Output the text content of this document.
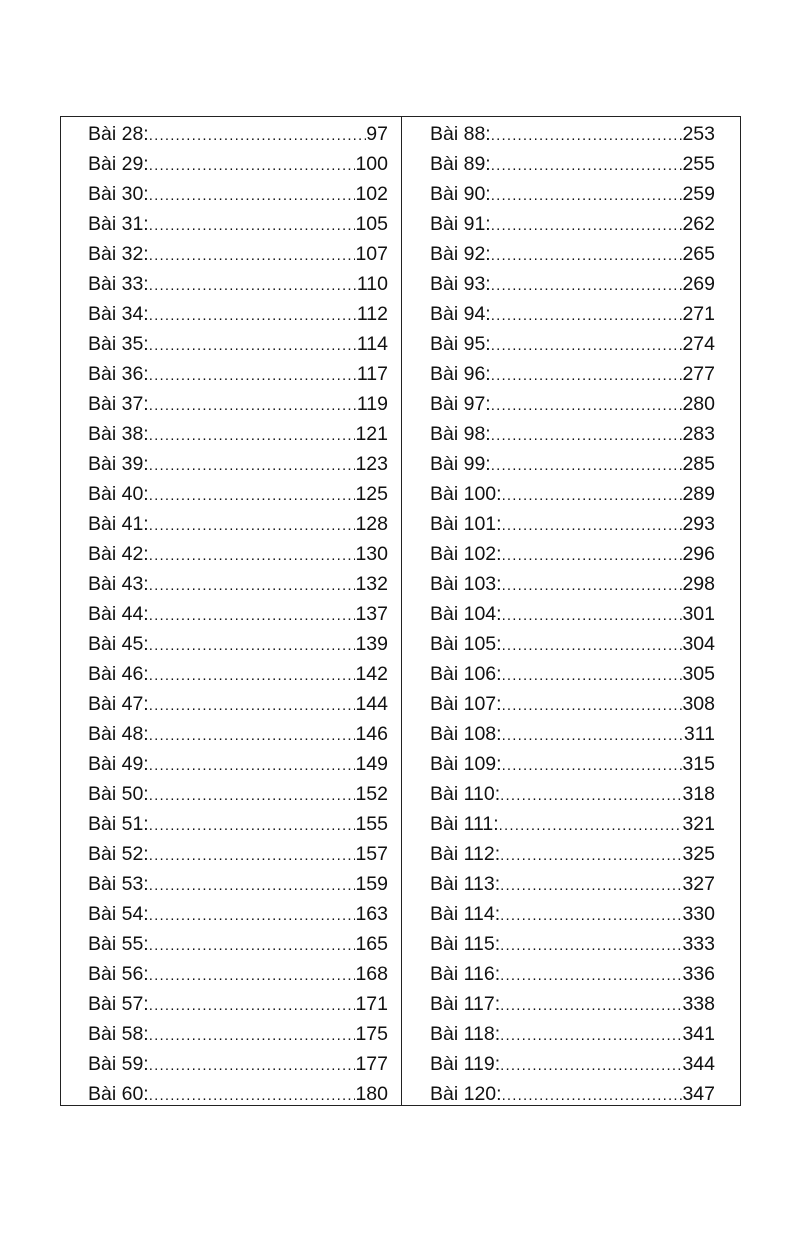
Bài 28: .....	97
Bài 29: .....	100
Bài 30: .....	102
Bài 31: .....	105
Bài 32: .....	107
Bài 33: .....	110
Bài 34: .....	112
Bài 35: .....	114
Bài 36: .....	117
Bài 37: .....	119
Bài 38: .....	121
Bài 39: .....	123
Bài 40: .....	125
Bài 41: .....	128
Bài 42: .....	130
Bài 43: .....	132
Bài 44: .....	137
Bài 45: .....	139
Bài 46: .....	142
Bài 47: .....	144
Bài 48: .....	146
Bài 49: .....	149
Bài 50: .....	152
Bài 51: .....	155
Bài 52: .....	157
Bài 53: .....	159
Bài 54: .....	163
Bài 55: .....	165
Bài 56: .....	168
Bài 57: .....	171
Bài 58: .....	175
Bài 59: .....	177
Bài 60: .....	180
Bài 88: .....	253
Bài 89: .....	255
Bài 90: .....	259
Bài 91: .....	262
Bài 92: .....	265
Bài 93: .....	269
Bài 94: .....	271
Bài 95: .....	274
Bài 96: .....	277
Bài 97: .....	280
Bài 98: .....	283
Bài 99: .....	285
Bài 100: .....	289
Bài 101: .....	293
Bài 102: .....	296
Bài 103: .....	298
Bài 104: .....	301
Bài 105: .....	304
Bài 106: .....	305
Bài 107: .....	308
Bài 108: .....	311
Bài 109: .....	315
Bài 110: .....	318
Bài 111: .....	321
Bài 112: .....	325
Bài 113: .....	327
Bài 114: .....	330
Bài 115: .....	333
Bài 116: .....	336
Bài 117: .....	338
Bài 118: .....	341
Bài 119: .....	344
Bài 120: .....	347
